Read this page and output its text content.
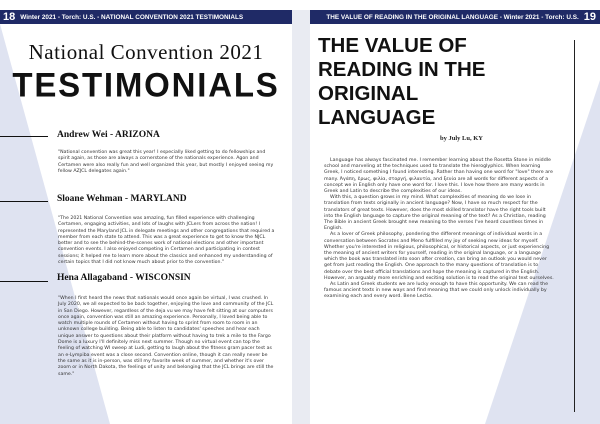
18 Winter 2021 - Torch: U.S. - NATIONAL CONVENTION 2021 TESTIMONIALS
National Convention 2021
TESTIMONIALS
Andrew Wei - ARIZONA
"National convention was great this year! I especially liked getting to do fellowships and spirit again, as those are always a cornerstone of the nationals experience. Agon and Certamen were also really fun and well organized this year, but mostly I enjoyed seeing my fellow AZJCL delegates again."
Sloane Wehman - MARYLAND
"The 2021 National Convention was amazing, fun filled experience with challenging Certamen, engaging activities, and lots of laughs with JCLers from across the nation! I represented the Maryland JCL in delegate meetings and other congregations that required a member from each state to attend. This was a great experience to get to know the NJCL better and to see the behind-the-scenes work of national elections and other important convention events. I also enjoyed competing in Certamen and participating in contest sessions; it helped me to learn more about the classics and enhanced my understanding of certain topics that I did not know much about prior to the convention."
Hena Allagaband - WISCONSIN
"When I first heard the news that nationals would once again be virtual, I was crushed. In July 2020, we all expected to be back together, enjoying the love and community of the JCL in San Diego. However, regardless of the deja vu we may have felt sitting at our computers once again, convention was still an amazing experience. Personally, I loved being able to watch multiple rounds of Certamen without having to sprint from room to room in an unknown college building. Being able to listen to candidates' speeches and hear each unique answer to questions about their platform without having to trek a mile to the Fargo Dome is a luxury I'll definitely miss next summer. Though no virtual event can top the feeling of watching WI sweep at Ludi, getting to laugh about the fitness gram pacer test as an e-Lympiba event was a close second. Convention online, though it can really never be the same as it is in-person, was still my favorite week of summer, and whether it's over zoom or in North Dakota, the feelings of unity and belonging that the JCL brings are still the same."
THE VALUE OF READING IN THE ORIGINAL LANGUAGE - Winter 2021 - Torch: U.S. 19
THE VALUE OF
READING IN THE
ORIGINAL
LANGUAGE
by July Lu, KY

Language has always fascinated me. I remember learning about the Rosetta Stone in middle school and marveling at the techniques used to translate the hieroglyphics. When learning Greek, I noticed something I found interesting. Rather than having one word for "love" there are many. Ἀγάπη, ἔρως, φιλία, στοργή, φιλαυτία, and ξενία are all words for different aspects of a concept we in English only have one word for. I love this. I love how there are many words in Greek and Latin to describe the complexities of our ideas.

With this, a question grows in my mind. What complexities of meaning do we lose in translation from texts originally in ancient language? Now, I have so much respect for the translators of great texts. However, does the most skilled translator have the right tools built into the English language to capture the original meaning of the text? As a Christian, reading The Bible in ancient Greek brought new meaning to the verses I've heard countless times in English.

As a lover of Greek philosophy, pondering the different meanings of individual words in a conversation between Socrates and Meno fulfilled my joy of seeking new ideas for myself. Whether you're interested in religious, philosophical, or historical aspects, or just experiencing the meaning of ancient writers for yourself, reading in the original language, or a language which the book was translated into soon after creation, can bring an outlook you would never get from just reading the English. One approach to the many questions of translation is to debate over the best official translations and hope the meaning is captured in the English. However, an arguably more enriching and exciting solution is to read the original text ourselves.

As Latin and Greek students we are lucky enough to have this opportunity. We can read the famous ancient texts in new ways and find meaning that we could only unlock individually by examining each and every word. Bene Lectio.
